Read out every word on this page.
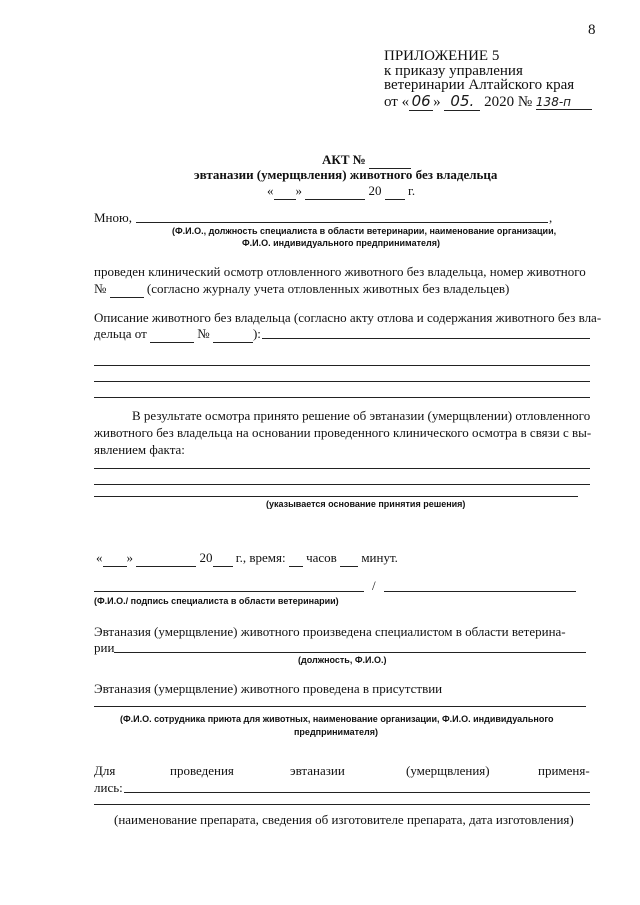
8
ПРИЛОЖЕНИЕ 5
к приказу управления
ветеринарии Алтайского края
от « 06 » 05. 2020 № 138-п
АКТ №
эвтаназии (умерщвления) животного без владельца
« »	20 г.
Мною,	,
(Ф.И.О., должность специалиста в области ветеринарии, наименование организации,
Ф.И.О. индивидуального предпринимателя)
проведен клинический осмотр отловленного животного без владельца, номер животного
№	(согласно журналу учета отловленных животных без владельцев)
Описание животного без владельца (согласно акту отлова и содержания животного без вла-
дельца от	№	):
В результате осмотра принято решение об эвтаназии (умерщвлении) отловленного
животного без владельца на основании проведенного клинического осмотра в связи с вы-
явлением факта:
(указывается основание принятия решения)
« »	20 г., время: часов минут.
/
(Ф.И.О./ подпись специалиста в области ветеринарии)
Эвтаназия (умерщвление) животного произведена специалистом в области ветерина-
рии
(должность, Ф.И.О.)
Эвтаназия (умерщвление) животного проведена в присутствии
(Ф.И.О. сотрудника приюта для животных, наименование организации, Ф.И.О. индивидуального
предпринимателя)
Для	проведения	эвтаназии	(умерщвления)	применя-
лись:
(наименование препарата, сведения об изготовителе препарата, дата изготовления)
